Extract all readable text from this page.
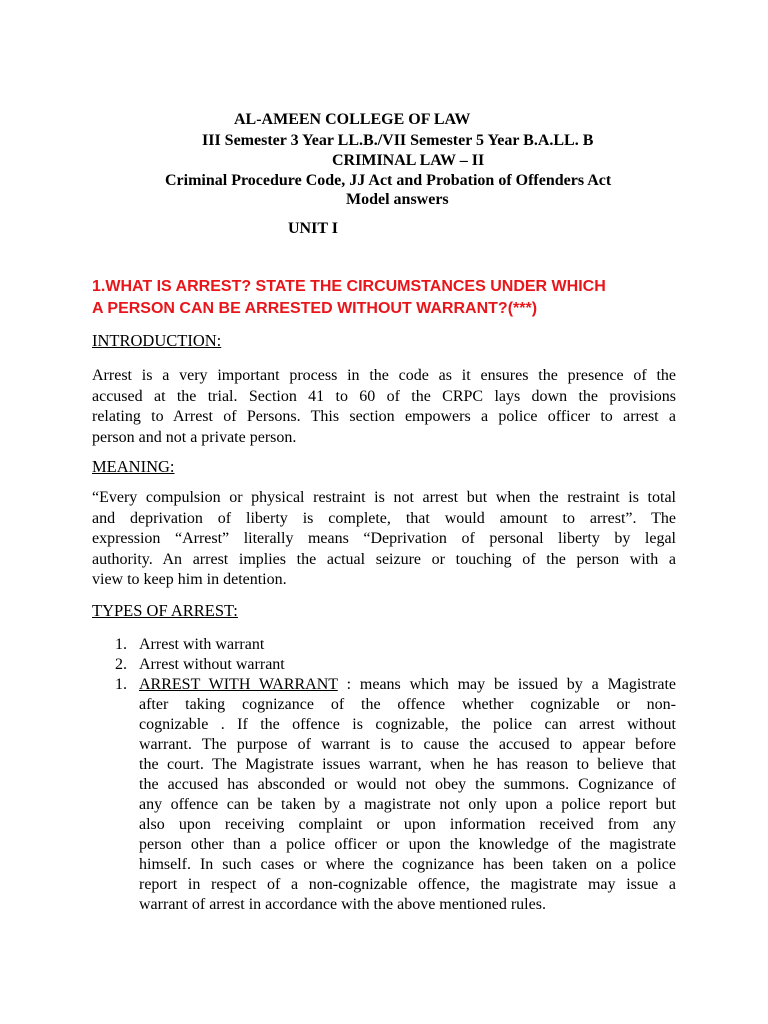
AL-AMEEN COLLEGE OF LAW
III Semester 3 Year LL.B./VII Semester 5 Year B.A.LL. B
CRIMINAL LAW – II
Criminal Procedure Code, JJ Act and Probation of Offenders Act
Model answers
UNIT I
1.WHAT IS ARREST? STATE THE CIRCUMSTANCES UNDER WHICH
A PERSON CAN BE ARRESTED WITHOUT WARRANT?(***)
INTRODUCTION:
Arrest is a very important process in the code as it ensures the presence of the
accused at the trial. Section 41 to 60 of the CRPC lays down the provisions
relating to Arrest of Persons. This section empowers a police officer to arrest a
person and not a private person.
MEANING:
“Every compulsion or physical restraint is not arrest but when the restraint is total
and deprivation of liberty is complete, that would amount to arrest”. The
expression “Arrest” literally means “Deprivation of personal liberty by legal
authority. An arrest implies the actual seizure or touching of the person with a
view to keep him in detention.
TYPES OF ARREST:
1. Arrest with warrant
2. Arrest without warrant
1. ARREST WITH WARRANT : means which may be issued by a Magistrate
after taking cognizance of the offence whether cognizable or non-
cognizable . If the offence is cognizable, the police can arrest without
warrant. The purpose of warrant is to cause the accused to appear before
the court. The Magistrate issues warrant, when he has reason to believe that
the accused has absconded or would not obey the summons. Cognizance of
any offence can be taken by a magistrate not only upon a police report but
also upon receiving complaint or upon information received from any
person other than a police officer or upon the knowledge of the magistrate
himself. In such cases or where the cognizance has been taken on a police
report in respect of a non-cognizable offence, the magistrate may issue a
warrant of arrest in accordance with the above mentioned rules.
